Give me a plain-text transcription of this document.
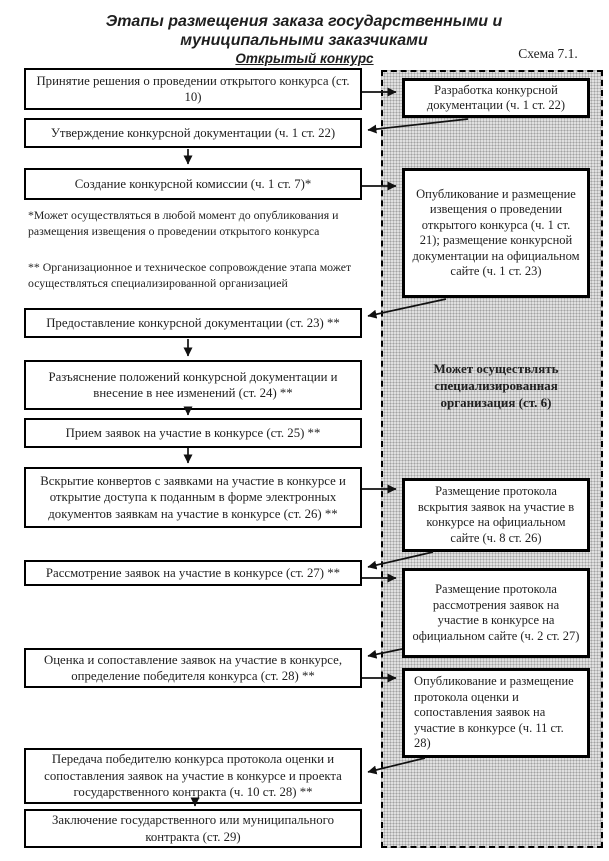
Этапы размещения заказа государственными и муниципальными заказчиками
Открытый конкурс	Схема 7.1.
Принятие решения о проведении открытого конкурса (ст. 10)
Утверждение конкурсной документации (ч. 1 ст. 22)
Создание конкурсной комиссии (ч. 1 ст. 7)*
Предоставление конкурсной документации (ст. 23) **
Разъяснение положений конкурсной документации и внесение в нее изменений (ст. 24) **
Прием заявок на участие в конкурсе (ст. 25) **
Вскрытие конвертов с заявками на участие в конкурсе и открытие доступа к поданным в форме электронных документов заявкам на участие в конкурсе (ст. 26) **
Рассмотрение заявок на участие в конкурсе (ст. 27) **
Оценка и сопоставление заявок на участие в конкурсе, определение победителя конкурса (ст. 28) **
Передача победителю конкурса протокола оценки и сопоставления заявок на участие в конкурсе и проекта государственного контракта (ч. 10 ст. 28) **
Заключение государственного или муниципального контракта (ст. 29)
*Может осуществляться в любой момент до опубликования и размещения извещения о проведении открытого конкурса
** Организационное и техническое сопровождение этапа может осуществляться специализированной организацией
Разработка конкурсной документации (ч. 1 ст. 22)
Опубликование и размещение извещения о проведении открытого конкурса (ч. 1 ст. 21); размещение конкурсной документации на официальном сайте (ч. 1 ст. 23)
Размещение протокола вскрытия заявок на участие в конкурсе на официальном сайте (ч. 8 ст. 26)
Размещение протокола рассмотрения заявок на участие в конкурсе на официальном сайте (ч. 2 ст. 27)
Опубликование и размещение протокола оценки и сопоставления заявок на участие в конкурсе (ч. 11 ст. 28)
Может осуществлять специализированная организация (ст. 6)
